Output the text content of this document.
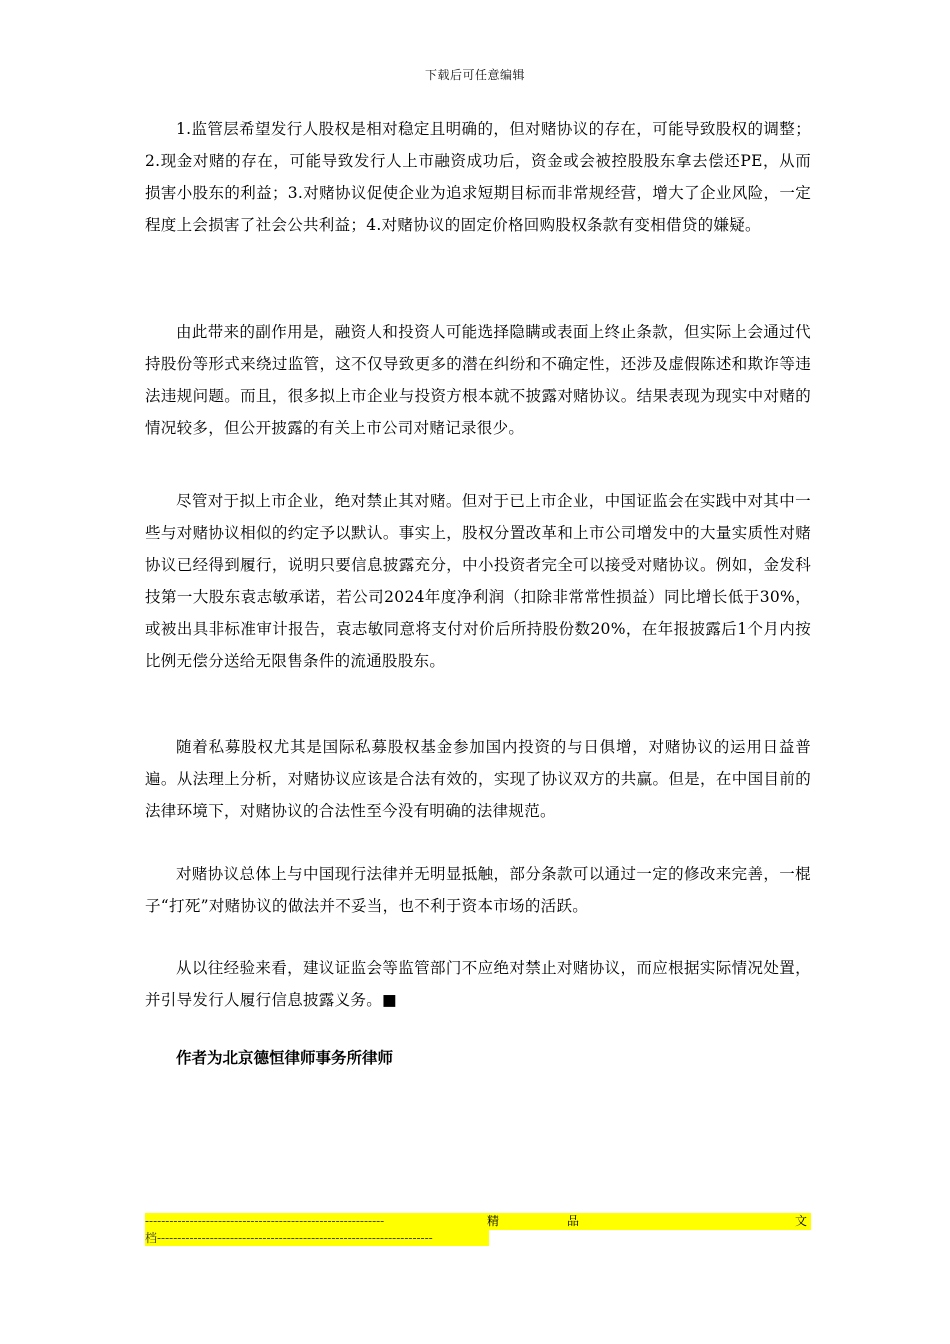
下载后可任意编辑

1.监管层希望发行人股权是相对稳定且明确的，但对赌协议的存在，可能导致股权的调整；2.现金对赌的存在，可能导致发行人上市融资成功后，资金或会被控股股东拿去偿还PE，从而损害小股东的利益；3.对赌协议促使企业为追求短期目标而非常规经营，增大了企业风险，一定程度上会损害了社会公共利益；4.对赌协议的固定价格回购股权条款有变相借贷的嫌疑。

由此带来的副作用是，融资人和投资人可能选择隐瞒或表面上终止条款，但实际上会通过代持股份等形式来绕过监管，这不仅导致更多的潜在纠纷和不确定性，还涉及虚假陈述和欺诈等违法违规问题。而且，很多拟上市企业与投资方根本就不披露对赌协议。结果表现为现实中对赌的情况较多，但公开披露的有关上市公司对赌记录很少。

尽管对于拟上市企业，绝对禁止其对赌。但对于已上市企业，中国证监会在实践中对其中一些与对赌协议相似的约定予以默认。事实上，股权分置改革和上市公司增发中的大量实质性对赌协议已经得到履行，说明只要信息披露充分，中小投资者完全可以接受对赌协议。例如，金发科技第一大股东袁志敏承诺，若公司2024年度净利润（扣除非常常性损益）同比增长低于30%，或被出具非标准审计报告，袁志敏同意将支付对价后所持股份数20%，在年报披露后1个月内按比例无偿分送给无限售条件的流通股股东。

随着私募股权尤其是国际私募股权基金参加国内投资的与日俱增，对赌协议的运用日益普遍。从法理上分析，对赌协议应该是合法有效的，实现了协议双方的共赢。但是，在中国目前的法律环境下，对赌协议的合法性至今没有明确的法律规范。

对赌协议总体上与中国现行法律并无明显抵触，部分条款可以通过一定的修改来完善，一棍子“打死”对赌协议的做法并不妥当，也不利于资本市场的活跃。

从以往经验来看，建议证监会等监管部门不应绝对禁止对赌协议，而应根据实际情况处置，并引导发行人履行信息披露义务。■

作者为北京德恒律师事务所律师
-----------------------------------------------------------	精	品	文
档--------------------------------------------------------------------
